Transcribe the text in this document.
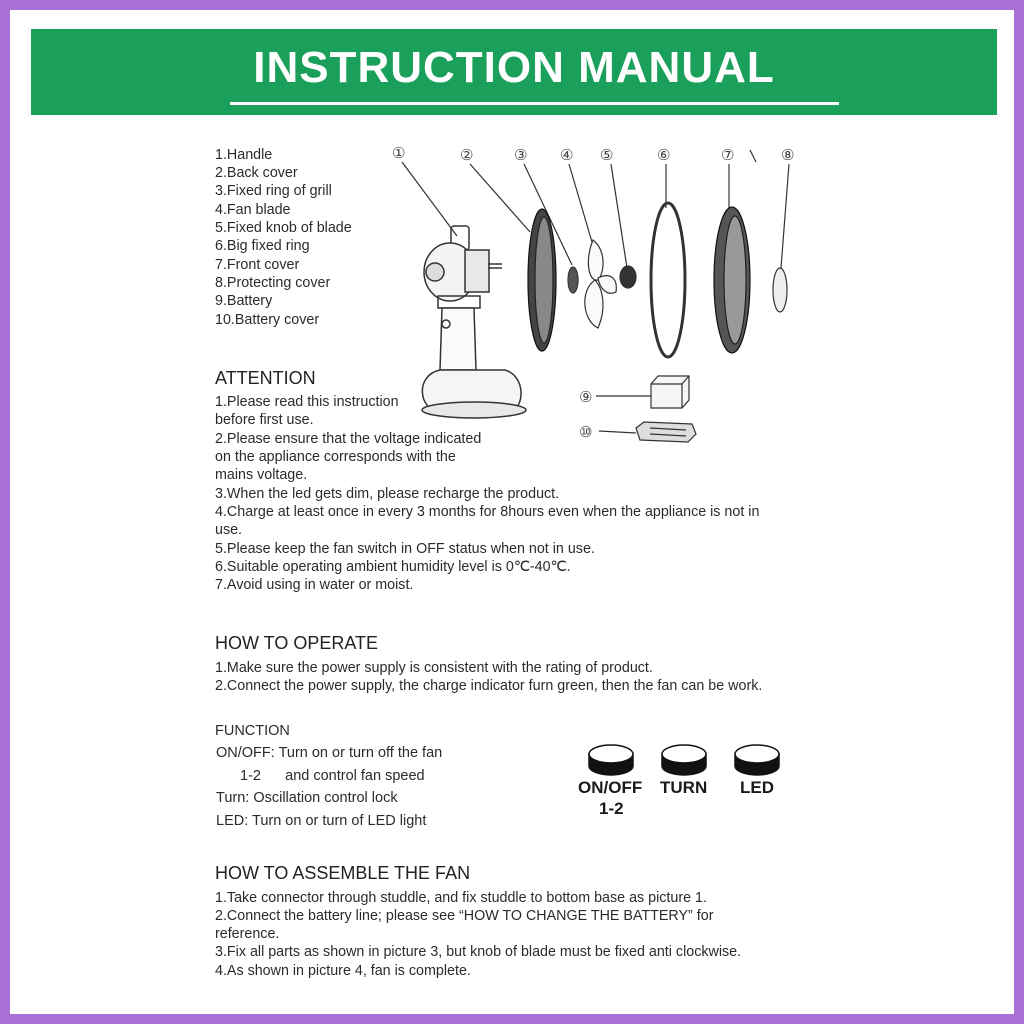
INSTRUCTION MANUAL
1.Handle
2.Back cover
3.Fixed ring of grill
4.Fan blade
5.Fixed knob of blade
6.Big fixed ring
7.Front cover
8.Protecting cover
9.Battery
10.Battery cover
①	②	③ ④ ⑤	⑥	⑦	⑧
⑨
⑩
ATTENTION
1.Please read this instruction
before first use.
2.Please ensure that the voltage indicated
on the appliance corresponds with the
mains voltage.
3.When the led gets dim, please recharge the product.
4.Charge at least once in every 3 months for 8hours even when the appliance is not in
use.
5.Please keep the fan switch in OFF status when not in use.
6.Suitable operating ambient humidity level is 0℃-40℃.
7.Avoid using in water or moist.
HOW TO OPERATE
1.Make sure the power supply is consistent with the rating of product.
2.Connect the power supply, the charge indicator furn green, then the fan can be work.
FUNCTION
ON/OFF: Turn on or turn off the fan
1-2      and control fan speed
Turn: Oscillation control lock
LED: Turn on or turn of LED light
ON/OFF
1-2
TURN LED
HOW TO ASSEMBLE THE FAN
1.Take connector through studdle, and fix studdle to bottom base as picture 1.
2.Connect the battery line; please see “HOW TO CHANGE THE BATTERY” for
reference.
3.Fix all parts as shown in picture 3, but knob of blade must be fixed anti clockwise.
4.As shown in picture 4, fan is complete.
